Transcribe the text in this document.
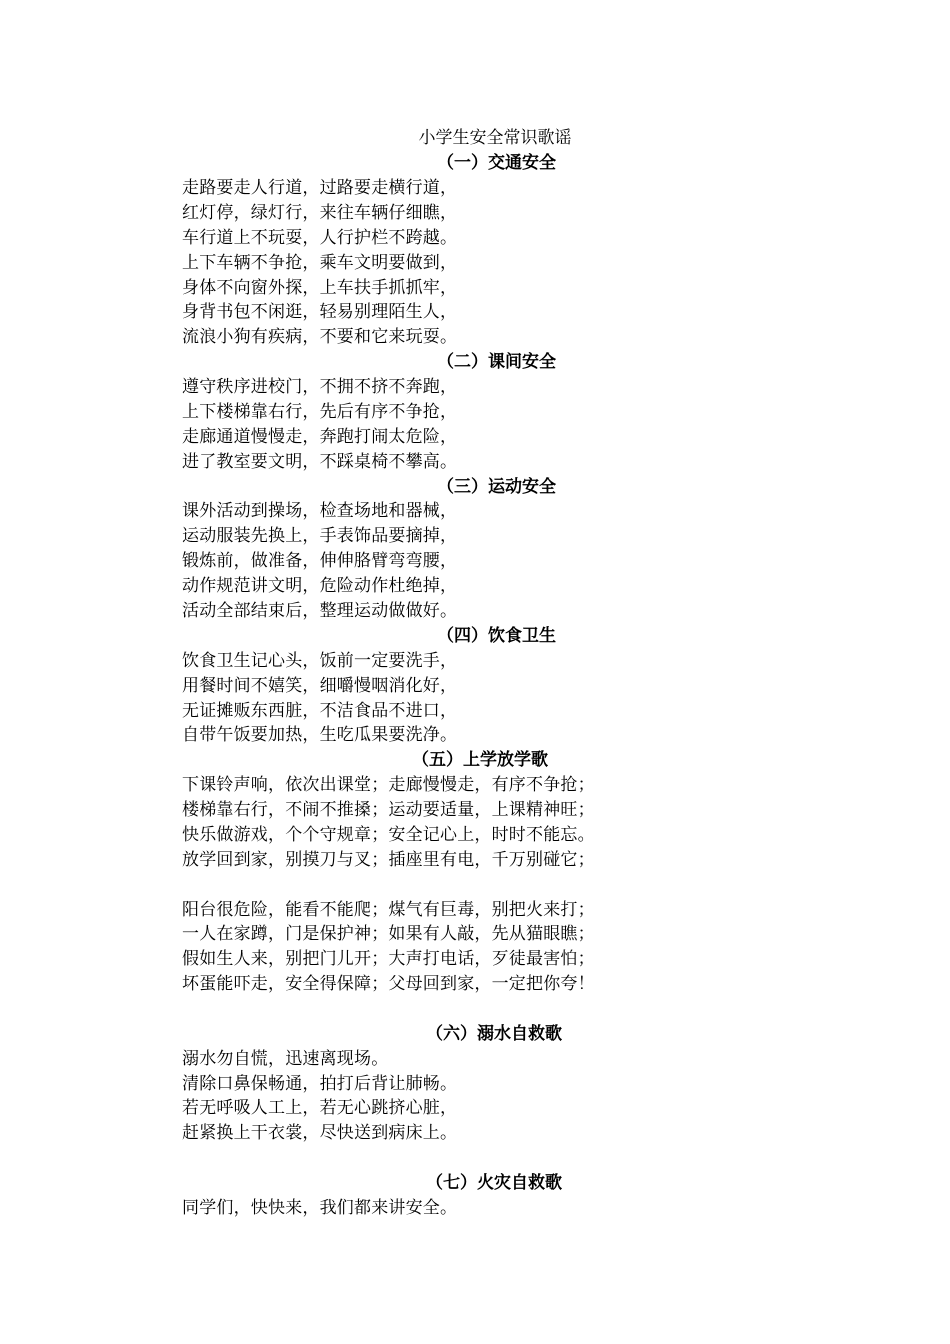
小学生安全常识歌谣
（一）交通安全
走路要走人行道，过路要走横行道，
红灯停，绿灯行，来往车辆仔细瞧，
车行道上不玩耍，人行护栏不跨越。
上下车辆不争抢，乘车文明要做到，
身体不向窗外探，上车扶手抓抓牢，
身背书包不闲逛，轻易别理陌生人，
流浪小狗有疾病，不要和它来玩耍。
（二）课间安全
遵守秩序进校门，不拥不挤不奔跑，
上下楼梯靠右行，先后有序不争抢，
走廊通道慢慢走，奔跑打闹太危险，
进了教室要文明，不踩桌椅不攀高。
（三）运动安全
课外活动到操场，检查场地和器械，
运动服装先换上，手表饰品要摘掉，
锻炼前，做准备，伸伸胳臂弯弯腰，
动作规范讲文明，危险动作杜绝掉，
活动全部结束后，整理运动做做好。
（四）饮食卫生
饮食卫生记心头，饭前一定要洗手，
用餐时间不嬉笑，细嚼慢咽消化好，
无证摊贩东西脏，不洁食品不进口，
自带午饭要加热，生吃瓜果要洗净。
（五）上学放学歌
下课铃声响，依次出课堂；走廊慢慢走，有序不争抢；
楼梯靠右行，不闹不推搡；运动要适量，上课精神旺；
快乐做游戏，个个守规章；安全记心上，时时不能忘。
放学回到家，别摸刀与叉；插座里有电，千万别碰它；
阳台很危险，能看不能爬；煤气有巨毒，别把火来打；
一人在家蹲，门是保护神；如果有人敲，先从猫眼瞧；
假如生人来，别把门儿开；大声打电话，歹徒最害怕；
坏蛋能吓走，安全得保障；父母回到家，一定把你夸！
（六）溺水自救歌
溺水勿自慌，迅速离现场。
清除口鼻保畅通，拍打后背让肺畅。
若无呼吸人工上，若无心跳挤心脏，
赶紧换上干衣裳，尽快送到病床上。
（七）火灾自救歌
同学们，快快来，我们都来讲安全。
